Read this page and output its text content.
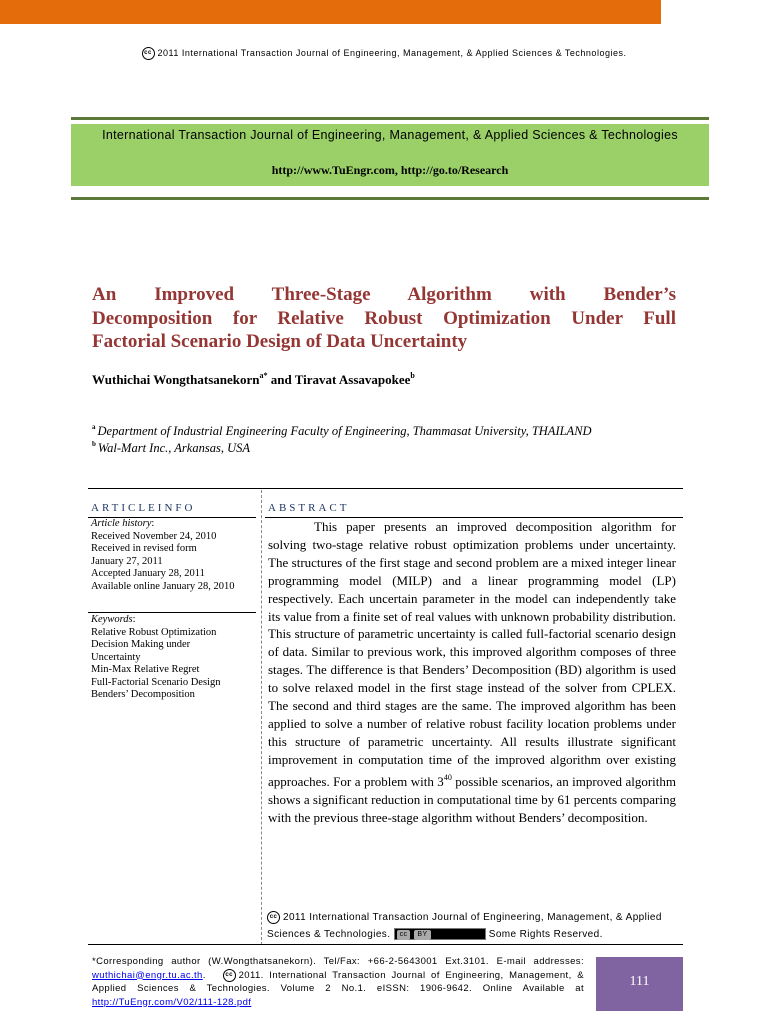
cc 2011 International Transaction Journal of Engineering, Management, & Applied Sciences & Technologies.
International Transaction Journal of Engineering, Management, & Applied Sciences & Technologies
http://www.TuEngr.com, http://go.to/Research
An Improved Three-Stage Algorithm with Bender’s
Decomposition for Relative Robust Optimization Under Full
Factorial Scenario Design of Data Uncertainty
Wuthichai Wongthatsanekorn$^{a*}$ and Tiravat Assavapokee$^b$
$^a$ Department of Industrial Engineering Faculty of Engineering, Thammasat University, THAILAND
$^b$ Wal-Mart Inc., Arkansas, USA
ARTICLEINFO	ABSTRACT
Article history:
Received November 24, 2010
Received in revised form
January 27, 2011
Accepted January 28, 2011
Available online January 28, 2010
Keywords:
Relative Robust Optimization
Decision Making under
Uncertainty
Min-Max Relative Regret
Full-Factorial Scenario Design
Benders’ Decomposition

This paper presents an improved decomposition algorithm for solving two-stage relative robust optimization problems under uncertainty. The structures of the first stage and second problem are a mixed integer linear programming model (MILP) and a linear programming model (LP) respectively. Each uncertain parameter in the model can independently take its value from a finite set of real values with unknown probability distribution. This structure of parametric uncertainty is called full-factorial scenario design of data. Similar to previous work, this improved algorithm composes of three stages. The difference is that Benders’ Decomposition (BD) algorithm is used to solve relaxed model in the first stage instead of the solver from CPLEX. The second and third stages are the same. The improved algorithm has been applied to solve a number of relative robust facility location problems under this structure of parametric uncertainty. All results illustrate significant improvement in computation time of the improved algorithm over existing approaches. For a problem with $3^{40}$ possible scenarios, an improved algorithm shows a significant reduction in computational time by 61 percents comparing with the previous three-stage algorithm without Benders’ decomposition.

cc 2011 International Transaction Journal of Engineering, Management, & Applied Sciences & Technologies. cc BY	Some Rights Reserved.
*Corresponding author (W.Wongthatsanekorn). Tel/Fax: +66-2-5643001 Ext.3101. E-mail addresses: wuthichai@engr.tu.ac.th.   cc 2011. International Transaction Journal of Engineering, Management, & Applied Sciences & Technologies. Volume 2 No.1. eISSN: 1906-9642. Online Available at http://TuEngr.com/V02/111-128.pdf
111
